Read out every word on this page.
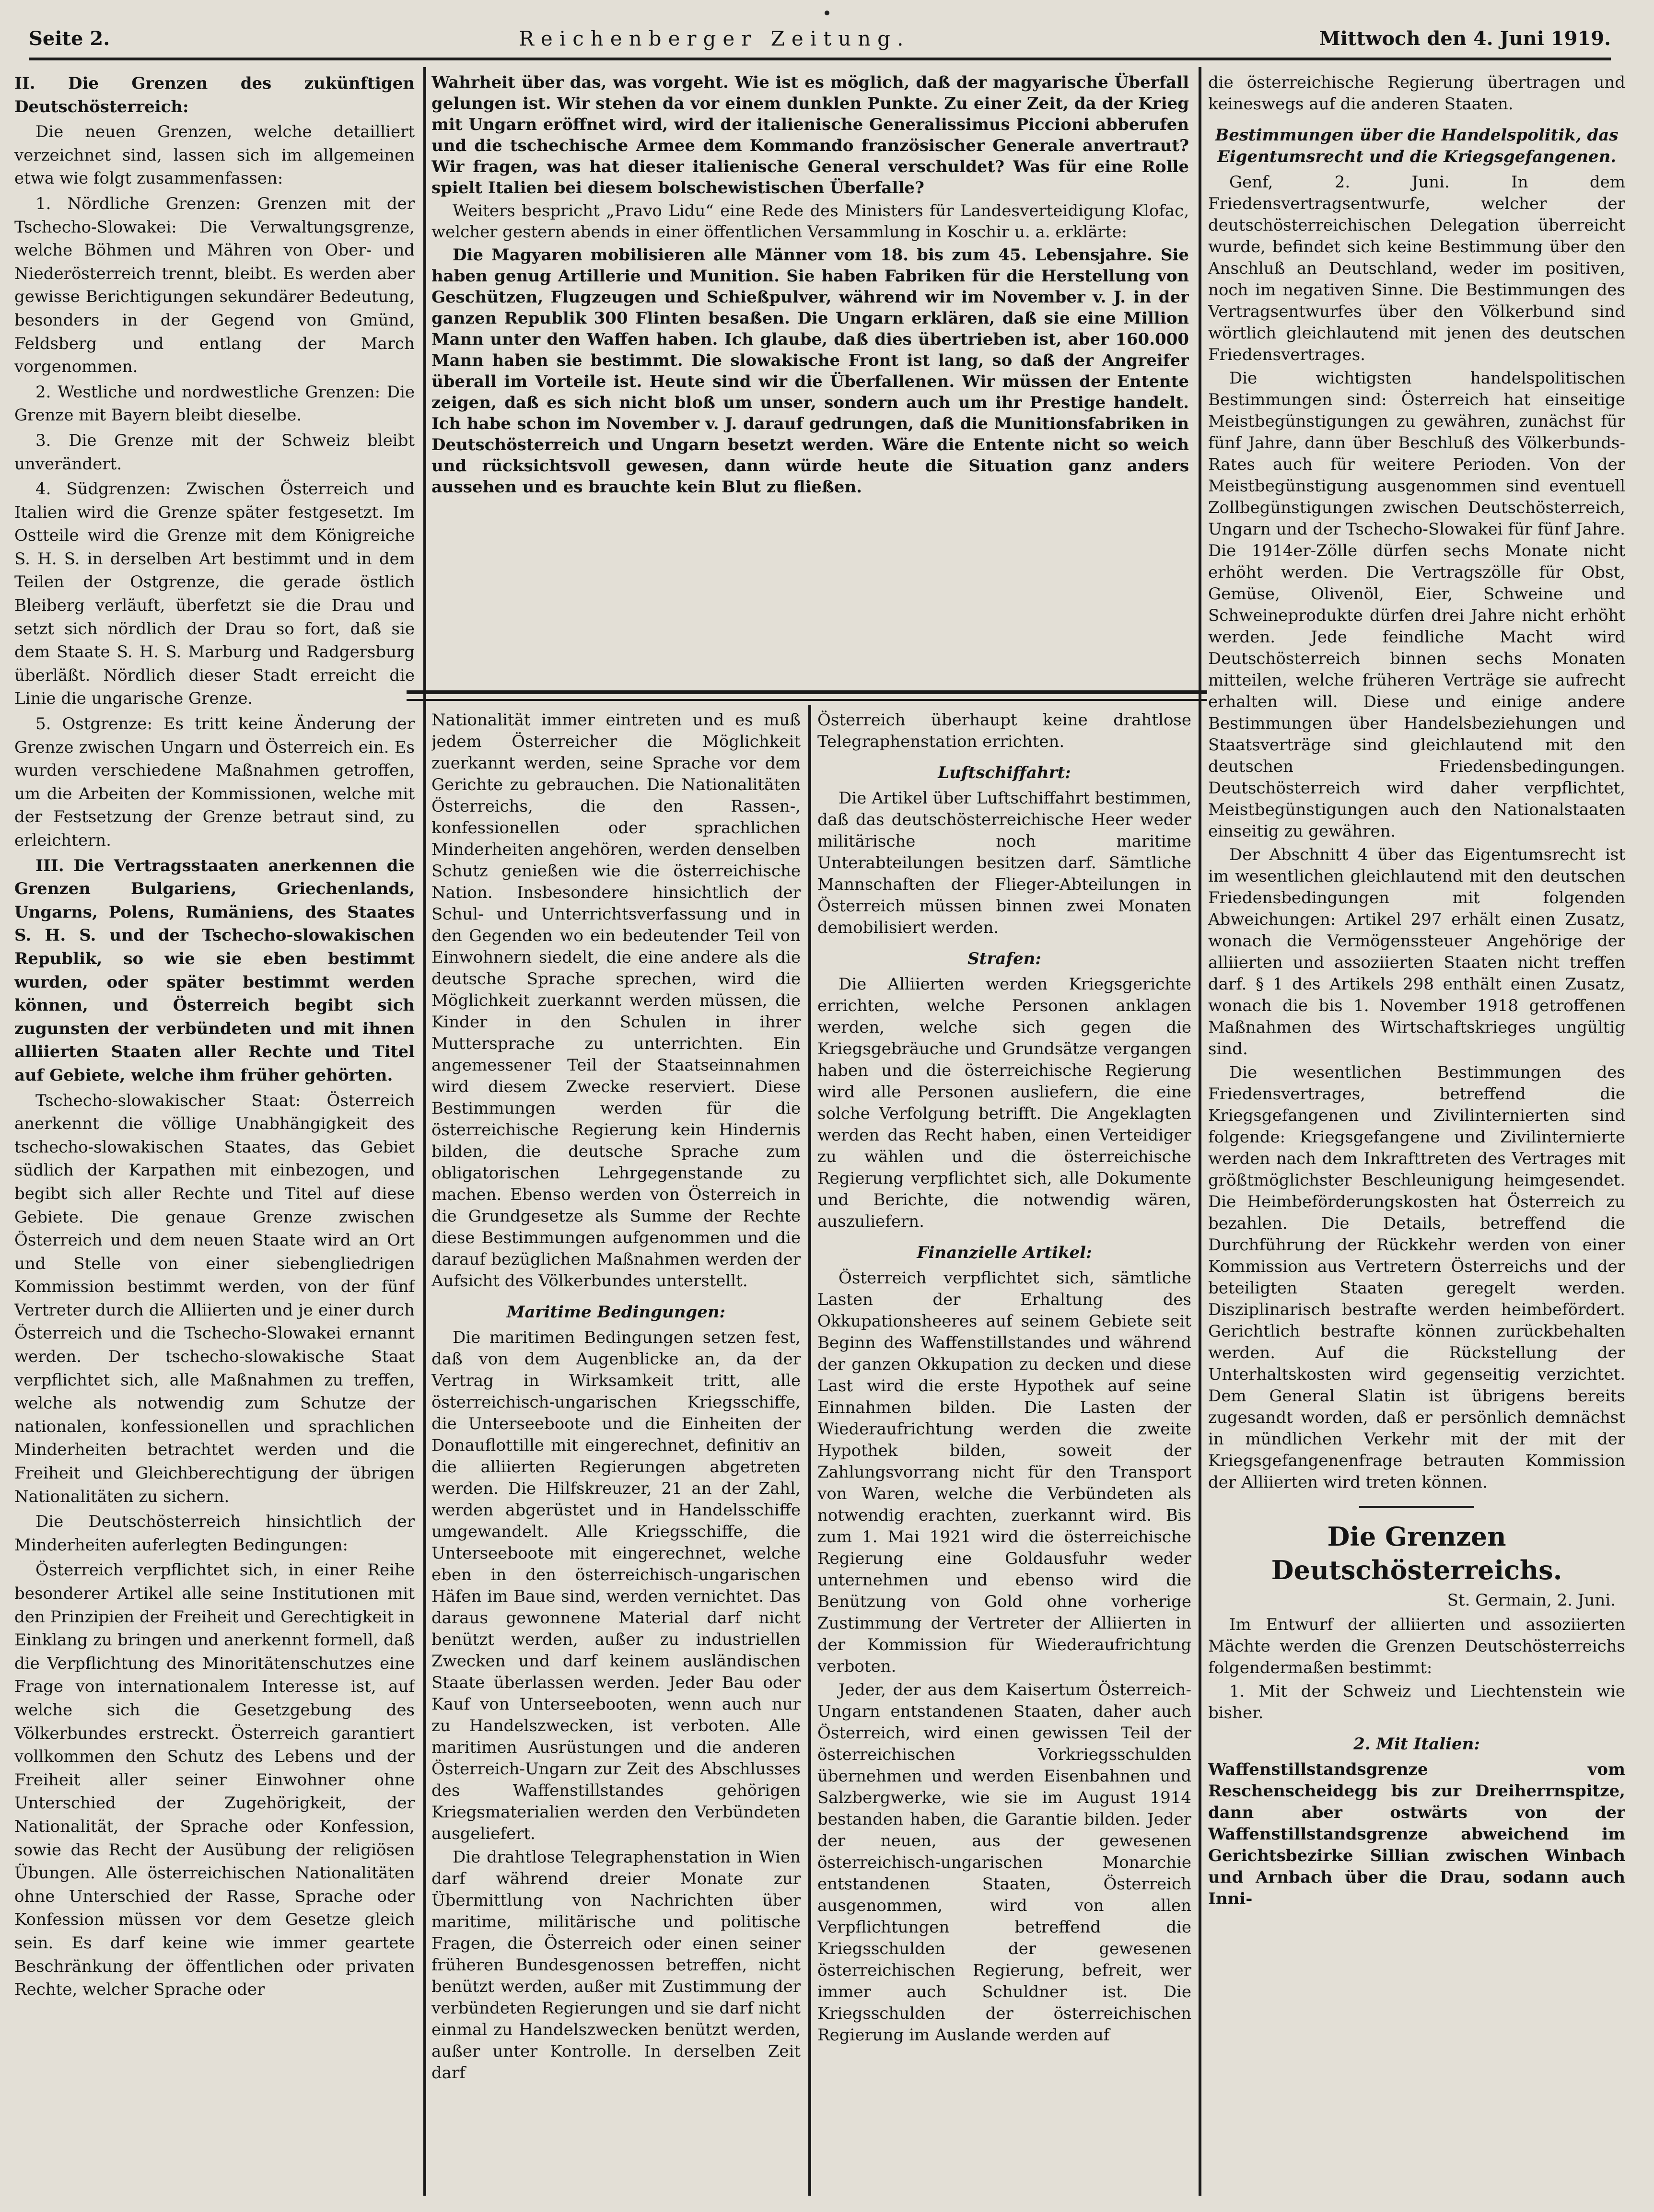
Seite 2.	Reichenberger Zeitung.	Mittwoch den 4. Juni 1919.

II. Die Grenzen des zukünftigen Deutschösterreich:

Die neuen Grenzen, welche detailliert verzeichnet sind, lassen sich im allgemeinen etwa wie folgt zusammenfassen:

1. Nördliche Grenzen: Grenzen mit der Tschecho-Slowakei: Die Verwaltungsgrenze, welche Böhmen und Mähren von Ober- und Niederösterreich trennt, bleibt. Es werden aber gewisse Berichtigungen sekundärer Bedeutung, besonders in der Gegend von Gmünd, Feldsberg und entlang der March vorgenommen.

2. Westliche und nordwestliche Grenzen: Die Grenze mit Bayern bleibt dieselbe.

3. Die Grenze mit der Schweiz bleibt unverändert.

4. Südgrenzen: Zwischen Österreich und Italien wird die Grenze später festgesetzt. Im Ostteile wird die Grenze mit dem Königreiche S. H. S. in derselben Art bestimmt und in dem Teilen der Ostgrenze, die gerade östlich Bleiberg verläuft, überfetzt sie die Drau und setzt sich nördlich der Drau so fort, daß sie dem Staate S. H. S. Marburg und Radgersburg überläßt. Nördlich dieser Stadt erreicht die Linie die ungarische Grenze.

5. Ostgrenze: Es tritt keine Änderung der Grenze zwischen Ungarn und Österreich ein. Es wurden verschiedene Maßnahmen getroffen, um die Arbeiten der Kommissionen, welche mit der Festsetzung der Grenze betraut sind, zu erleichtern.

III. Die Vertragsstaaten anerkennen die Grenzen Bulgariens, Griechenlands, Ungarns, Polens, Rumäniens, des Staates S. H. S. und der Tschecho-slowakischen Republik, so wie sie eben bestimmt wurden, oder später bestimmt werden können, und Österreich begibt sich zugunsten der verbündeten und mit ihnen alliierten Staaten aller Rechte und Titel auf Gebiete, welche ihm früher gehörten.

Tschecho-slowakischer Staat: Österreich anerkennt die völlige Unabhängigkeit des tschecho-slowakischen Staates, das Gebiet südlich der Karpathen mit einbezogen, und begibt sich aller Rechte und Titel auf diese Gebiete. Die genaue Grenze zwischen Österreich und dem neuen Staate wird an Ort und Stelle von einer siebengliedrigen Kommission bestimmt werden, von der fünf Vertreter durch die Alliierten und je einer durch Österreich und die Tschecho-Slowakei ernannt werden. Der tschecho-slowakische Staat verpflichtet sich, alle Maßnahmen zu treffen, welche als notwendig zum Schutze der nationalen, konfessionellen und sprachlichen Minderheiten betrachtet werden und die Freiheit und Gleichberechtigung der übrigen Nationalitäten zu sichern.

Die Deutschösterreich hinsichtlich der Minderheiten auferlegten Bedingungen:

Österreich verpflichtet sich, in einer Reihe besonderer Artikel alle seine Institutionen mit den Prinzipien der Freiheit und Gerechtigkeit in Einklang zu bringen und anerkennt formell, daß die Verpflichtung des Minoritätenschutzes eine Frage von internationalem Interesse ist, auf welche sich die Gesetzgebung des Völkerbundes erstreckt. Österreich garantiert vollkommen den Schutz des Lebens und der Freiheit aller seiner Einwohner ohne Unterschied der Zugehörigkeit, der Nationalität, der Sprache oder Konfession, sowie das Recht der Ausübung der religiösen Übungen. Alle österreichischen Nationalitäten ohne Unterschied der Rasse, Sprache oder Konfession müssen vor dem Gesetze gleich sein. Es darf keine wie immer geartete Beschränkung der öffentlichen oder privaten Rechte, welcher Sprache oder

Wahrheit über das, was vorgeht. Wie ist es möglich, daß der magyarische Überfall gelungen ist. Wir stehen da vor einem dunklen Punkte. Zu einer Zeit, da der Krieg mit Ungarn eröffnet wird, wird der italienische Generalissimus Piccioni abberufen und die tschechische Armee dem Kommando französischer Generale anvertraut? Wir fragen, was hat dieser italienische General verschuldet? Was für eine Rolle spielt Italien bei diesem bolschewistischen Überfalle?

Weiters bespricht „Pravo Lidu“ eine Rede des Ministers für Landesverteidigung Klofac, welcher gestern abends in einer öffentlichen Versammlung in Koschir u. a. erklärte:

Die Magyaren mobilisieren alle Männer vom 18. bis zum 45. Lebensjahre. Sie haben genug Artillerie und Munition. Sie haben Fabriken für die Herstellung von Geschützen, Flugzeugen und Schießpulver, während wir im November v. J. in der ganzen Republik 300 Flinten besaßen. Die Ungarn erklären, daß sie eine Million Mann unter den Waffen haben. Ich glaube, daß dies übertrieben ist, aber 160.000 Mann haben sie bestimmt. Die slowakische Front ist lang, so daß der Angreifer überall im Vorteile ist. Heute sind wir die Überfallenen. Wir müssen der Entente zeigen, daß es sich nicht bloß um unser, sondern auch um ihr Prestige handelt. Ich habe schon im November v. J. darauf gedrungen, daß die Munitionsfabriken in Deutschösterreich und Ungarn besetzt werden. Wäre die Entente nicht so weich und rücksichtsvoll gewesen, dann würde heute die Situation ganz anders aussehen und es brauchte kein Blut zu fließen.

Nationalität immer eintreten und es muß jedem Österreicher die Möglichkeit zuerkannt werden, seine Sprache vor dem Gerichte zu gebrauchen. Die Nationalitäten Österreichs, die den Rassen-, konfessionellen oder sprachlichen Minderheiten angehören, werden denselben Schutz genießen wie die österreichische Nation. Insbesondere hinsichtlich der Schul- und Unterrichtsverfassung und in den Gegenden wo ein bedeutender Teil von Einwohnern siedelt, die eine andere als die deutsche Sprache sprechen, wird die Möglichkeit zuerkannt werden müssen, die Kinder in den Schulen in ihrer Muttersprache zu unterrichten. Ein angemessener Teil der Staatseinnahmen wird diesem Zwecke reserviert. Diese Bestimmungen werden für die österreichische Regierung kein Hindernis bilden, die deutsche Sprache zum obligatorischen Lehrgegenstande zu machen. Ebenso werden von Österreich in die Grundgesetze als Summe der Rechte diese Bestimmungen aufgenommen und die darauf bezüglichen Maßnahmen werden der Aufsicht des Völkerbundes unterstellt.

Maritime Bedingungen:

Die maritimen Bedingungen setzen fest, daß von dem Augenblicke an, da der Vertrag in Wirksamkeit tritt, alle österreichisch-ungarischen Kriegsschiffe, die Unterseeboote und die Einheiten der Donauflottille mit eingerechnet, definitiv an die alliierten Regierungen abgetreten werden. Die Hilfskreuzer, 21 an der Zahl, werden abgerüstet und in Handelsschiffe umgewandelt. Alle Kriegsschiffe, die Unterseeboote mit eingerechnet, welche eben in den österreichisch-ungarischen Häfen im Baue sind, werden vernichtet. Das daraus gewonnene Material darf nicht benützt werden, außer zu industriellen Zwecken und darf keinem ausländischen Staate überlassen werden. Jeder Bau oder Kauf von Unterseebooten, wenn auch nur zu Handelszwecken, ist verboten. Alle maritimen Ausrüstungen und die anderen Österreich-Ungarn zur Zeit des Abschlusses des Waffenstillstandes gehörigen Kriegsmaterialien werden den Verbündeten ausgeliefert.

Die drahtlose Telegraphenstation in Wien darf während dreier Monate zur Übermittlung von Nachrichten über maritime, militärische und politische Fragen, die Österreich oder einen seiner früheren Bundesgenossen betreffen, nicht benützt werden, außer mit Zustimmung der verbündeten Regierungen und sie darf nicht einmal zu Handelszwecken benützt werden, außer unter Kontrolle. In derselben Zeit darf

Österreich überhaupt keine drahtlose Telegraphenstation errichten.

Luftschiffahrt:

Die Artikel über Luftschiffahrt bestimmen, daß das deutschösterreichische Heer weder militärische noch maritime Unterabteilungen besitzen darf. Sämtliche Mannschaften der Flieger-Abteilungen in Österreich müssen binnen zwei Monaten demobilisiert werden.

Strafen:

Die Alliierten werden Kriegsgerichte errichten, welche Personen anklagen werden, welche sich gegen die Kriegsgebräuche und Grundsätze vergangen haben und die österreichische Regierung wird alle Personen ausliefern, die eine solche Verfolgung betrifft. Die Angeklagten werden das Recht haben, einen Verteidiger zu wählen und die österreichische Regierung verpflichtet sich, alle Dokumente und Berichte, die notwendig wären, auszuliefern.

Finanzielle Artikel:

Österreich verpflichtet sich, sämtliche Lasten der Erhaltung des Okkupationsheeres auf seinem Gebiete seit Beginn des Waffenstillstandes und während der ganzen Okkupation zu decken und diese Last wird die erste Hypothek auf seine Einnahmen bilden. Die Lasten der Wiederaufrichtung werden die zweite Hypothek bilden, soweit der Zahlungsvorrang nicht für den Transport von Waren, welche die Verbündeten als notwendig erachten, zuerkannt wird. Bis zum 1. Mai 1921 wird die österreichische Regierung eine Goldausfuhr weder unternehmen und ebenso wird die Benützung von Gold ohne vorherige Zustimmung der Vertreter der Alliierten in der Kommission für Wiederaufrichtung verboten.

Jeder, der aus dem Kaisertum Österreich-Ungarn entstandenen Staaten, daher auch Österreich, wird einen gewissen Teil der österreichischen Vorkriegsschulden übernehmen und werden Eisenbahnen und Salzbergwerke, wie sie im August 1914 bestanden haben, die Garantie bilden. Jeder der neuen, aus der gewesenen österreichisch-ungarischen Monarchie entstandenen Staaten, Österreich ausgenommen, wird von allen Verpflichtungen betreffend die Kriegsschulden der gewesenen österreichischen Regierung, befreit, wer immer auch Schuldner ist. Die Kriegsschulden der österreichischen Regierung im Auslande werden auf

die österreichische Regierung übertragen und keineswegs auf die anderen Staaten.

Bestimmungen über die Handelspolitik, das Eigentumsrecht und die Kriegsgefangenen.

Genf, 2. Juni. In dem Friedensvertragsentwurfe, welcher der deutschösterreichischen Delegation überreicht wurde, befindet sich keine Bestimmung über den Anschluß an Deutschland, weder im positiven, noch im negativen Sinne. Die Bestimmungen des Vertragsentwurfes über den Völkerbund sind wörtlich gleichlautend mit jenen des deutschen Friedensvertrages.

Die wichtigsten handelspolitischen Bestimmungen sind: Österreich hat einseitige Meistbegünstigungen zu gewähren, zunächst für fünf Jahre, dann über Beschluß des Völkerbunds-Rates auch für weitere Perioden. Von der Meistbegünstigung ausgenommen sind eventuell Zollbegünstigungen zwischen Deutschösterreich, Ungarn und der Tschecho-Slowakei für fünf Jahre. Die 1914er-Zölle dürfen sechs Monate nicht erhöht werden. Die Vertragszölle für Obst, Gemüse, Olivenöl, Eier, Schweine und Schweineprodukte dürfen drei Jahre nicht erhöht werden. Jede feindliche Macht wird Deutschösterreich binnen sechs Monaten mitteilen, welche früheren Verträge sie aufrecht erhalten will. Diese und einige andere Bestimmungen über Handelsbeziehungen und Staatsverträge sind gleichlautend mit den deutschen Friedensbedingungen. Deutschösterreich wird daher verpflichtet, Meistbegünstigungen auch den Nationalstaaten einseitig zu gewähren.

Der Abschnitt 4 über das Eigentumsrecht ist im wesentlichen gleichlautend mit den deutschen Friedensbedingungen mit folgenden Abweichungen: Artikel 297 erhält einen Zusatz, wonach die Vermögenssteuer Angehörige der alliierten und assoziierten Staaten nicht treffen darf. § 1 des Artikels 298 enthält einen Zusatz, wonach die bis 1. November 1918 getroffenen Maßnahmen des Wirtschaftskrieges ungültig sind.

Die wesentlichen Bestimmungen des Friedensvertrages, betreffend die Kriegsgefangenen und Zivilinternierten sind folgende: Kriegsgefangene und Zivilinternierte werden nach dem Inkrafttreten des Vertrages mit größtmöglichster Beschleunigung heimgesendet. Die Heimbeförderungskosten hat Österreich zu bezahlen. Die Details, betreffend die Durchführung der Rückkehr werden von einer Kommission aus Vertretern Österreichs und der beteiligten Staaten geregelt werden. Disziplinarisch bestrafte werden heimbefördert. Gerichtlich bestrafte können zurückbehalten werden. Auf die Rückstellung der Unterhaltskosten wird gegenseitig verzichtet. Dem General Slatin ist übrigens bereits zugesandt worden, daß er persönlich demnächst in mündlichen Verkehr mit der mit der Kriegsgefangenenfrage betrauten Kommission der Alliierten wird treten können.

Die Grenzen Deutschösterreichs.

St. Germain, 2. Juni.

Im Entwurf der alliierten und assoziierten Mächte werden die Grenzen Deutschösterreichs folgendermaßen bestimmt:

1. Mit der Schweiz und Liechtenstein wie bisher.

2. Mit Italien:

Waffenstillstandsgrenze vom Reschenscheidegg bis zur Dreiherrnspitze, dann aber ostwärts von der Waffenstillstandsgrenze abweichend im Gerichtsbezirke Sillian zwischen Winbach und Arnbach über die Drau, sodann auch Inni-
